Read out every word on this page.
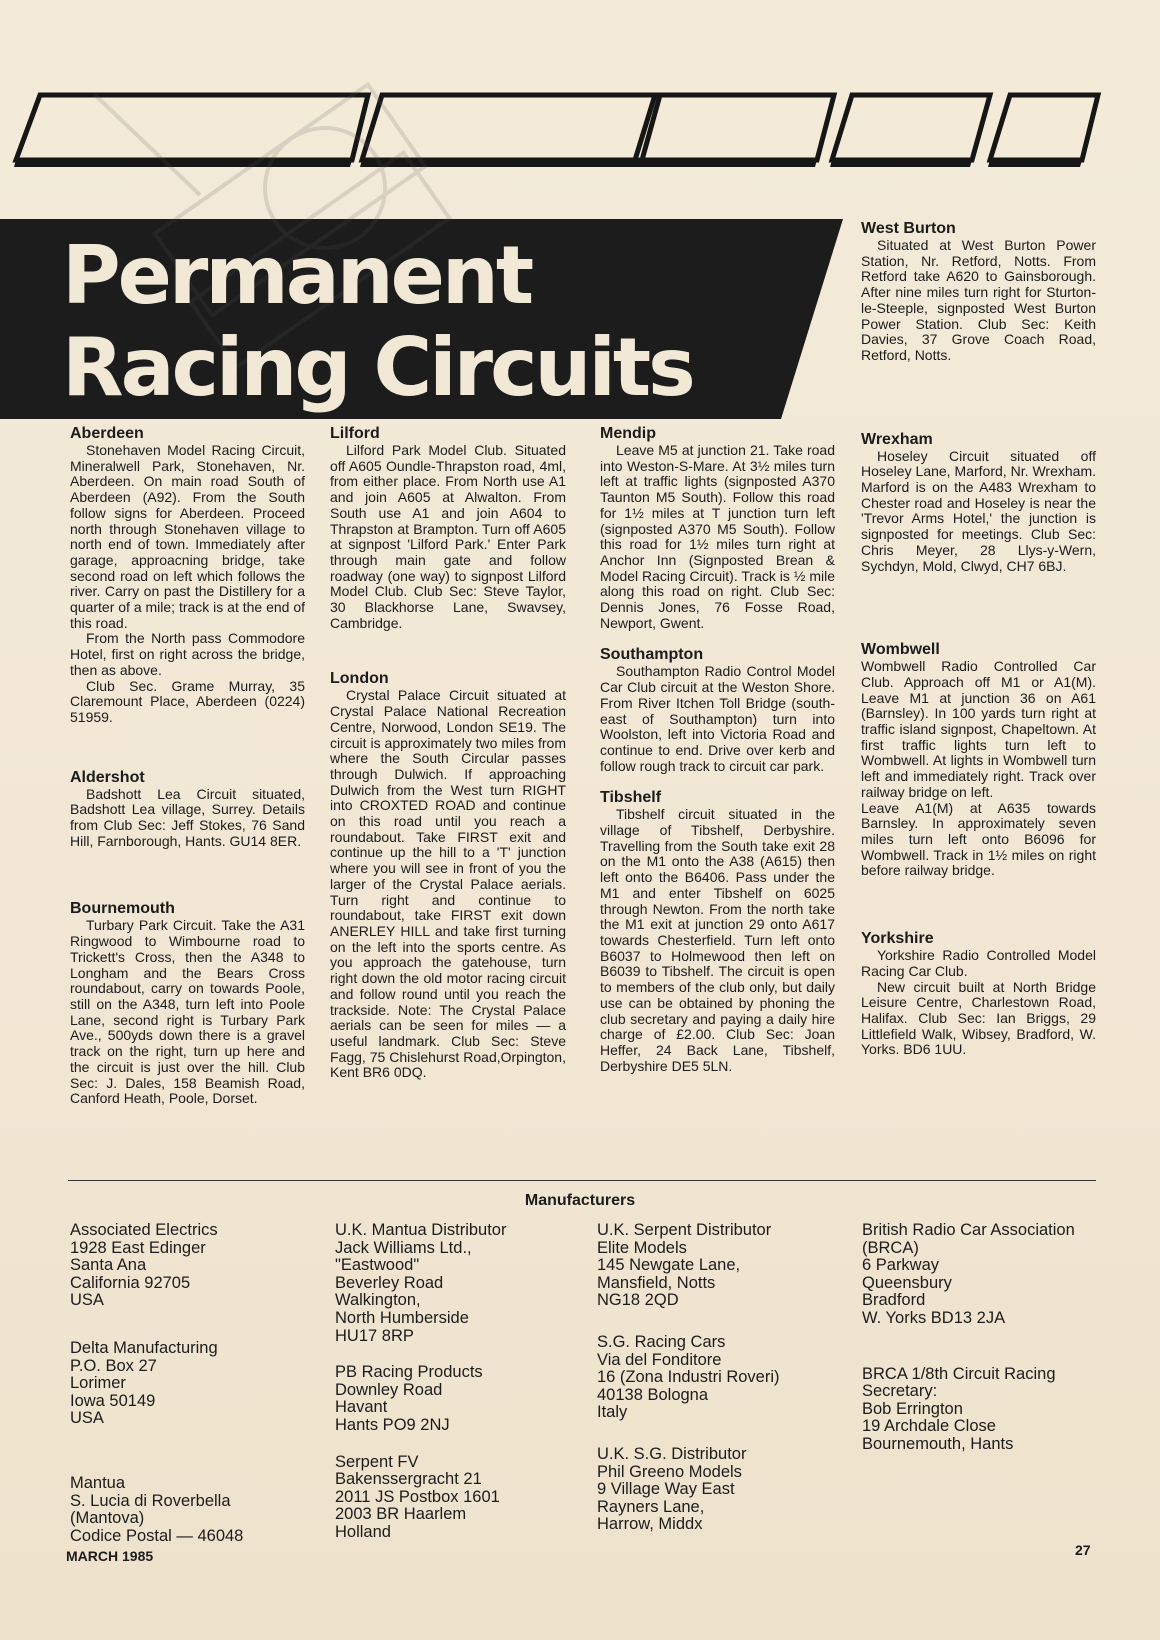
Permanent
Racing Circuits
Aberdeen

Stonehaven Model Racing Circuit, Mineralwell Park, Stonehaven, Nr. Aberdeen. On main road South of Aberdeen (A92). From the South follow signs for Aberdeen. Proceed north through Stonehaven village to north end of town. Immediately after garage, approacning bridge, take second road on left which follows the river. Carry on past the Distillery for a quarter of a mile; track is at the end of this road.

From the North pass Commodore Hotel, first on right across the bridge, then as above.

Club Sec. Grame Murray, 35 Claremount Place, Aberdeen (0224) 51959.

Aldershot

Badshott Lea Circuit situated, Badshott Lea village, Surrey. Details from Club Sec: Jeff Stokes, 76 Sand Hill, Farnborough, Hants. GU14 8ER.

Bournemouth

Turbary Park Circuit. Take the A31 Ringwood to Wimbourne road to Trickett's Cross, then the A348 to Longham and the Bears Cross roundabout, carry on towards Poole, still on the A348, turn left into Poole Lane, second right is Turbary Park Ave., 500yds down there is a gravel track on the right, turn up here and the circuit is just over the hill. Club Sec: J. Dales, 158 Beamish Road, Canford Heath, Poole, Dorset.

Lilford

Lilford Park Model Club. Situated off A605 Oundle-Thrapston road, 4ml, from either place. From North use A1 and join A605 at Alwalton. From South use A1 and join A604 to Thrapston at Brampton. Turn off A605 at signpost 'Lilford Park.' Enter Park through main gate and follow roadway (one way) to signpost Lilford Model Club. Club Sec: Steve Taylor, 30 Blackhorse Lane, Swavsey, Cambridge.

London

Crystal Palace Circuit situated at Crystal Palace National Recreation Centre, Norwood, London SE19. The circuit is approximately two miles from where the South Circular passes through Dulwich. If approaching Dulwich from the West turn RIGHT into CROXTED ROAD and continue on this road until you reach a roundabout. Take FIRST exit and continue up the hill to a 'T' junction where you will see in front of you the larger of the Crystal Palace aerials. Turn right and continue to roundabout, take FIRST exit down ANERLEY HILL and take first turning on the left into the sports centre. As you approach the gatehouse, turn right down the old motor racing circuit and follow round until you reach the trackside. Note: The Crystal Palace aerials can be seen for miles — a useful landmark. Club Sec: Steve Fagg, 75 Chislehurst Road,Orpington, Kent BR6 0DQ.

Mendip

Leave M5 at junction 21. Take road into Weston-S-Mare. At 3½ miles turn left at traffic lights (signposted A370 Taunton M5 South). Follow this road for 1½ miles at T junction turn left (signposted A370 M5 South). Follow this road for 1½ miles turn right at Anchor Inn (Signposted Brean & Model Racing Circuit). Track is ½ mile along this road on right. Club Sec: Dennis Jones, 76 Fosse Road, Newport, Gwent.

Southampton

Southampton Radio Control Model Car Club circuit at the Weston Shore. From River Itchen Toll Bridge (south-east of Southampton) turn into Woolston, left into Victoria Road and continue to end. Drive over kerb and follow rough track to circuit car park.

Tibshelf

Tibshelf circuit situated in the village of Tibshelf, Derbyshire. Travelling from the South take exit 28 on the M1 onto the A38 (A615) then left onto the B6406. Pass under the M1 and enter Tibshelf on 6025 through Newton. From the north take the M1 exit at junction 29 onto A617 towards Chesterfield. Turn left onto B6037 to Holmewood then left on B6039 to Tibshelf. The circuit is open to members of the club only, but daily use can be obtained by phoning the club secretary and paying a daily hire charge of £2.00. Club Sec: Joan Heffer, 24 Back Lane, Tibshelf, Derbyshire DE5 5LN.

West Burton

Situated at West Burton Power Station, Nr. Retford, Notts. From Retford take A620 to Gainsborough. After nine miles turn right for Sturton-le-Steeple, signposted West Burton Power Station. Club Sec: Keith Davies, 37 Grove Coach Road, Retford, Notts.

Wrexham

Hoseley Circuit situated off Hoseley Lane, Marford, Nr. Wrexham. Marford is on the A483 Wrexham to Chester road and Hoseley is near the 'Trevor Arms Hotel,' the junction is signposted for meetings. Club Sec: Chris Meyer, 28 Llys-y-Wern, Sychdyn, Mold, Clwyd, CH7 6BJ.

Wombwell

Wombwell Radio Controlled Car Club. Approach off M1 or A1(M). Leave M1 at junction 36 on A61 (Barnsley). In 100 yards turn right at traffic island signpost, Chapeltown. At first traffic lights turn left to Wombwell. At lights in Wombwell turn left and immediately right. Track over railway bridge on left.

Leave A1(M) at A635 towards Barnsley. In approximately seven miles turn left onto B6096 for Wombwell. Track in 1½ miles on right before railway bridge.

Yorkshire

Yorkshire Radio Controlled Model Racing Car Club.

New circuit built at North Bridge Leisure Centre, Charlestown Road, Halifax. Club Sec: Ian Briggs, 29 Littlefield Walk, Wibsey, Bradford, W. Yorks. BD6 1UU.

Manufacturers
Associated Electrics
1928 East Edinger
Santa Ana
California 92705
USA
Delta Manufacturing
P.O. Box 27
Lorimer
Iowa 50149
USA
Mantua
S. Lucia di Roverbella
(Mantova)
Codice Postal — 46048
U.K. Mantua Distributor
Jack Williams Ltd.,
"Eastwood"
Beverley Road
Walkington,
North Humberside
HU17 8RP
PB Racing Products
Downley Road
Havant
Hants PO9 2NJ
Serpent FV
Bakenssergracht 21
2011 JS Postbox 1601
2003 BR Haarlem
Holland
U.K. Serpent Distributor
Elite Models
145 Newgate Lane,
Mansfield, Notts
NG18 2QD
S.G. Racing Cars
Via del Fonditore
16 (Zona Industri Roveri)
40138 Bologna
Italy
U.K. S.G. Distributor
Phil Greeno Models
9 Village Way East
Rayners Lane,
Harrow, Middx
British Radio Car Association
(BRCA)
6 Parkway
Queensbury
Bradford
W. Yorks BD13 2JA
BRCA 1/8th Circuit Racing
Secretary:
Bob Errington
19 Archdale Close
Bournemouth, Hants
MARCH 1985	27
